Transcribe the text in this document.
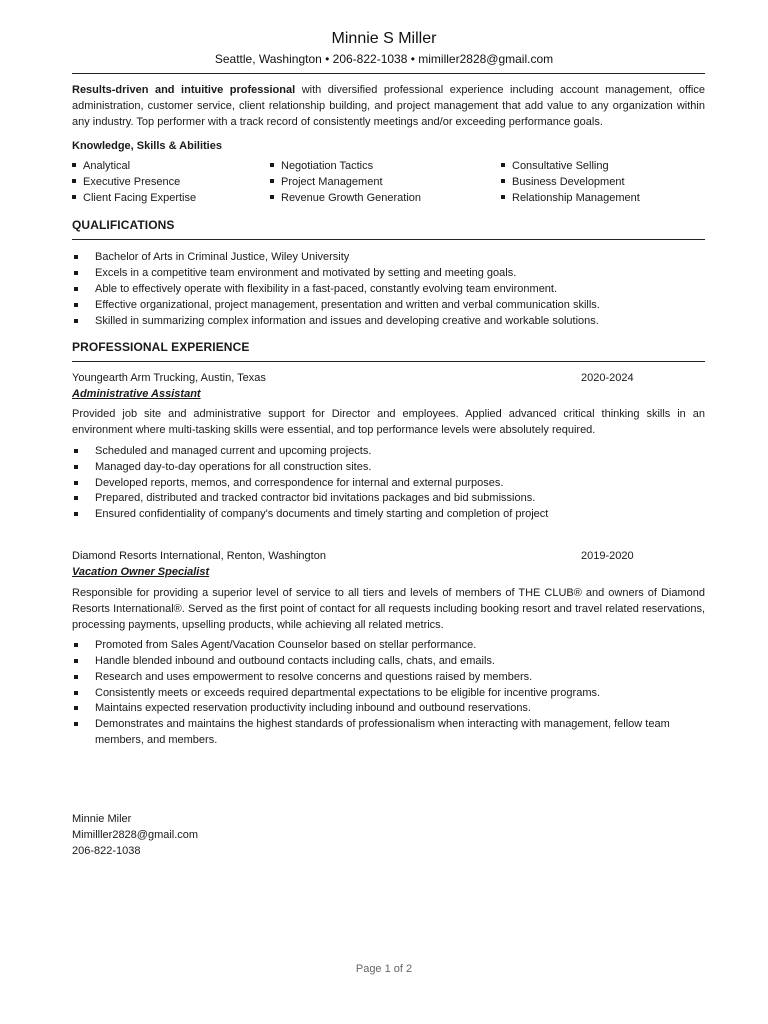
Minnie S Miller
Seattle, Washington • 206-822-1038 • mimiller2828@gmail.com
Results-driven and intuitive professional with diversified professional experience including account management, office administration, customer service, client relationship building, and project management that add value to any organization within any industry. Top performer with a track record of consistently meetings and/or exceeding performance goals.
Knowledge, Skills & Abilities
Analytical
Executive Presence
Client Facing Expertise
Negotiation Tactics
Project Management
Revenue Growth Generation
Consultative Selling
Business Development
Relationship Management
QUALIFICATIONS
Bachelor of Arts in Criminal Justice, Wiley University
Excels in a competitive team environment and motivated by setting and meeting goals.
Able to effectively operate with flexibility in a fast-paced, constantly evolving team environment.
Effective organizational, project management, presentation and written and verbal communication skills.
Skilled in summarizing complex information and issues and developing creative and workable solutions.
PROFESSIONAL EXPERIENCE
Youngearth Arm Trucking, Austin, Texas	2020-2024
Administrative Assistant
Provided job site and administrative support for Director and employees. Applied advanced critical thinking skills in an environment where multi-tasking skills were essential, and top performance levels were absolutely required.
Scheduled and managed current and upcoming projects.
Managed day-to-day operations for all construction sites.
Developed reports, memos, and correspondence for internal and external purposes.
Prepared, distributed and tracked contractor bid invitations packages and bid submissions.
Ensured confidentiality of company's documents and timely starting and completion of project
Diamond Resorts International, Renton, Washington	2019-2020
Vacation Owner Specialist
Responsible for providing a superior level of service to all tiers and levels of members of THE CLUB® and owners of Diamond Resorts International®. Served as the first point of contact for all requests including booking resort and travel related reservations, processing payments, upselling products, while achieving all related metrics.
Promoted from Sales Agent/Vacation Counselor based on stellar performance.
Handle blended inbound and outbound contacts including calls, chats, and emails.
Research and uses empowerment to resolve concerns and questions raised by members.
Consistently meets or exceeds required departmental expectations to be eligible for incentive programs.
Maintains expected reservation productivity including inbound and outbound reservations.
Demonstrates and maintains the highest standards of professionalism when interacting with management, fellow team members, and members.
Minnie Miler
Mimilller2828@gmail.com
206-822-1038
Page 1 of 2
